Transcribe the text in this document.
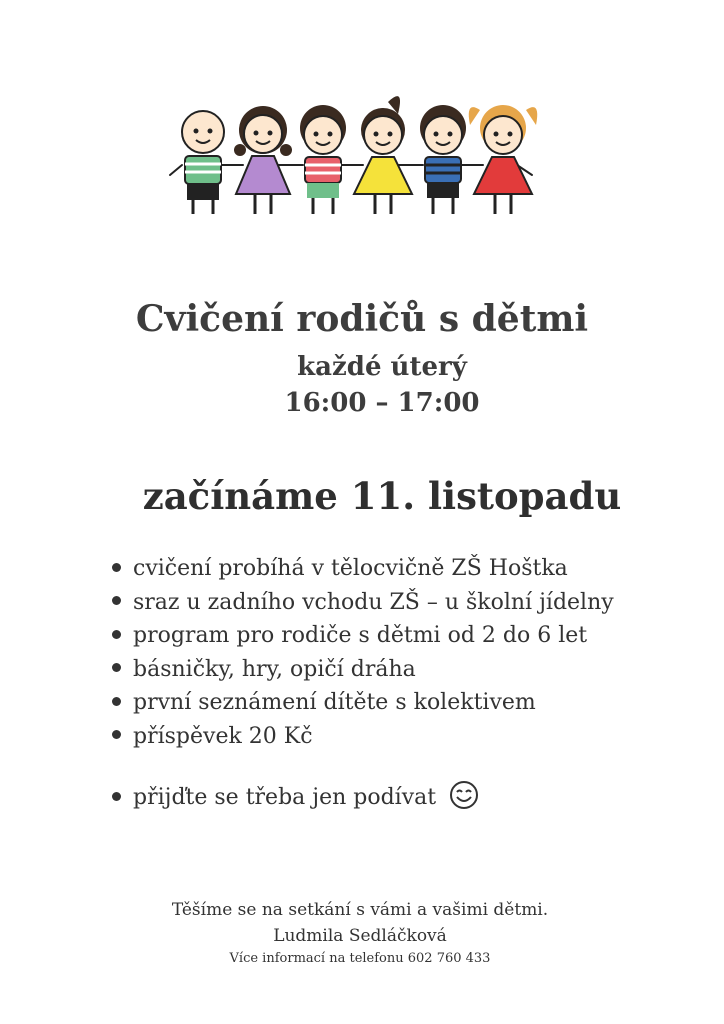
Cvičení rodičů s dětmi
každé úterý
16:00 – 17:00
začínáme 11. listopadu
cvičení probíhá v tělocvičně ZŠ Hoštka
sraz u zadního vchodu ZŠ – u školní jídelny
program pro rodiče s dětmi od 2 do 6 let
básničky, hry, opičí dráha
první seznámení dítěte s kolektivem
příspěvek 20 Kč
přijďte se třeba jen podívat
Těšíme se na setkání s vámi a vašimi dětmi.
Ludmila Sedláčková
Více informací na telefonu 602 760 433
